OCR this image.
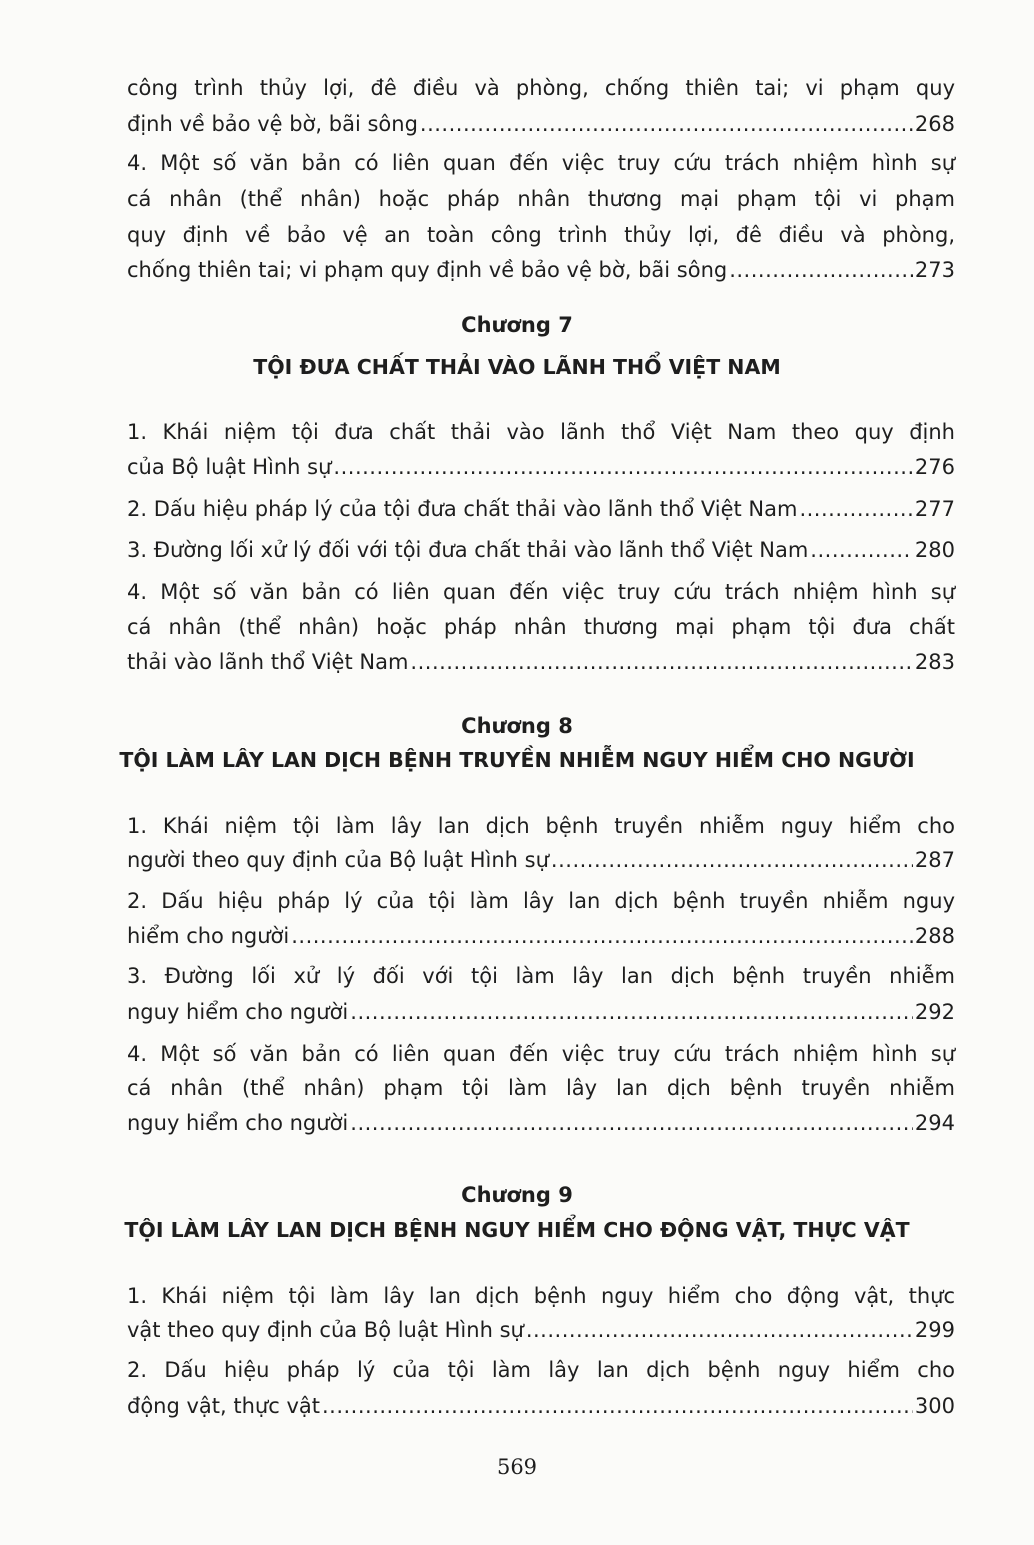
công trình thủy lợi, đê điều và phòng, chống thiên tai; vi phạm quy
định về bảo vệ bờ, bãi sông .....	268
4. Một số văn bản có liên quan đến việc truy cứu trách nhiệm hình sự
cá nhân (thể nhân) hoặc pháp nhân thương mại phạm tội vi phạm
quy định về bảo vệ an toàn công trình thủy lợi, đê điều và phòng,
chống thiên tai; vi phạm quy định về bảo vệ bờ, bãi sông .....	273
Chương 7
TỘI ĐƯA CHẤT THẢI VÀO LÃNH THỔ VIỆT NAM
1. Khái niệm tội đưa chất thải vào lãnh thổ Việt Nam theo quy định
của Bộ luật Hình sự .....	276
2. Dấu hiệu pháp lý của tội đưa chất thải vào lãnh thổ Việt Nam .....	277
3. Đường lối xử lý đối với tội đưa chất thải vào lãnh thổ Việt Nam .....	280
4. Một số văn bản có liên quan đến việc truy cứu trách nhiệm hình sự
cá nhân (thể nhân) hoặc pháp nhân thương mại phạm tội đưa chất
thải vào lãnh thổ Việt Nam .....	283
Chương 8
TỘI LÀM LÂY LAN DỊCH BỆNH TRUYỀN NHIỄM NGUY HIỂM CHO NGƯỜI
1. Khái niệm tội làm lây lan dịch bệnh truyền nhiễm nguy hiểm cho
người theo quy định của Bộ luật Hình sự .....	287
2. Dấu hiệu pháp lý của tội làm lây lan dịch bệnh truyền nhiễm nguy
hiểm cho người .....	288
3. Đường lối xử lý đối với tội làm lây lan dịch bệnh truyền nhiễm
nguy hiểm cho người .....	292
4. Một số văn bản có liên quan đến việc truy cứu trách nhiệm hình sự
cá nhân (thể nhân) phạm tội làm lây lan dịch bệnh truyền nhiễm
nguy hiểm cho người .....	294
Chương 9
TỘI LÀM LÂY LAN DỊCH BỆNH NGUY HIỂM CHO ĐỘNG VẬT, THỰC VẬT
1. Khái niệm tội làm lây lan dịch bệnh nguy hiểm cho động vật, thực
vật theo quy định của Bộ luật Hình sự .....	299
2. Dấu hiệu pháp lý của tội làm lây lan dịch bệnh nguy hiểm cho
động vật, thực vật .....	300
569
